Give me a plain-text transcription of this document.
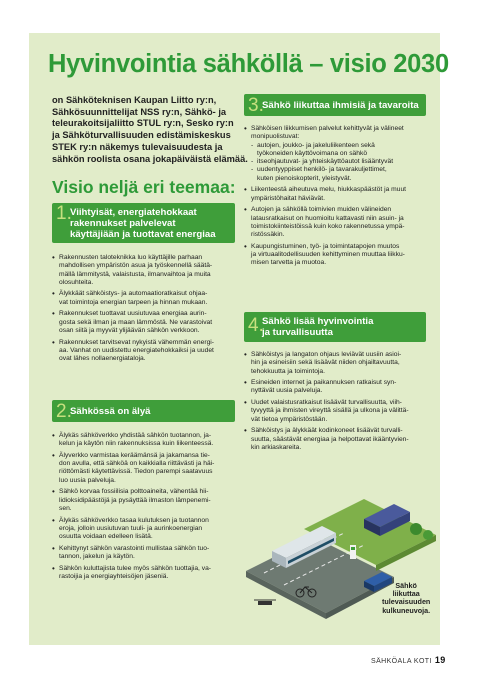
Hyvinvointia sähköllä – visio 2030
on Sähköteknisen Kaupan Liitto ry:n,
Sähkösuunnittelijat NSS ry:n, Sähkö- ja
teleurakoitsijaliitto STUL ry:n, Sesko ry:n
ja Sähköturvallisuuden edistämiskeskus
STEK ry:n näkemys tulevaisuudesta ja
sähkön roolista osana jokapäiväistä elämää.
Visio neljä eri teemaa:
1.
Viihtyisät, energiatehokkaat
rakennukset palvelevat
käyttäjiään ja tuottavat energiaa
• Rakennusten taloteknikka luo käyttäjille parhaan
mahdollisen ympäristön asua ja työskennellä säätä-
mällä lämmitystä, valaistusta, ilmanvaihtoa ja muita
olosuhteita.
• Älykkäät sähköistys- ja automaatioratkaisut ohjaa-
vat toimintoja energian tarpeen ja hinnan mukaan.
• Rakennukset tuottavat uusiutuvaa energiaa aurin-
gosta sekä ilman ja maan lämmöstä. Ne varastoivat
osan siitä ja myyvät ylijäävän sähkön verkkoon.
• Rakennukset tarvitsevat nykyistä vähemmän energi-
aa. Vanhat on uudistettu energiatehokkaiksi ja uudet
ovat lähes nollaenergiataloja.
2.
Sähkössä on älyä
• Älykäs sähköverkko yhdistää sähkön tuotannon, ja-
kelun ja käytön niin rakennuksissa kuin liikenteessä.
• Älyverkko varmistaa keräämänsä ja jakamansa tie-
don avulla, että sähköä on kaikkialla riittävästi ja häi-
riöttömästi käytettävissä. Tiedon parempi saatavuus
luo uusia palveluja.
• Sähkö korvaa fossiilisia polttoaineita, vähentää hii-
lidioksidipäästöjä ja pysäyttää ilmaston lämpenemi-
sen.
• Älykäs sähköverkko tasaa kulutuksen ja tuotannon
eroja, jolloin uusiutuvan tuuli- ja aurinkoenergian
osuutta voidaan edelleen lisätä.
• Kehittynyt sähkön varastointi mullistaa sähkön tuo-
tannon, jakelun ja käytön.
• Sähkön kuluttajista tulee myös sähkön tuottajia, va-
rastoijia ja energiayhteisöjen jäseniä.
3.
Sähkö liikuttaa ihmisiä ja tavaroita
• Sähköisen liikkumisen palvelut kehittyvät ja välineet
monipuolistuvat:
- autojen, joukko- ja jakeluliikenteen sekä
työkoneiden käyttövoimana on sähkö
- itseohjautuvat- ja yhteiskäyttöautot lisääntyvät
- uudentyyppiset henkilö- ja tavarakuljettimet,
kuten pienoiskopterit, yleistyvät.
• Liikenteestä aiheutuva melu, hiukkaspäästöt ja muut
ympäristöhaitat häviävät.
• Autojen ja sähköllä toimivien muiden välineiden
latausratkaisut on huomioitu kattavasti niin asuin- ja
toimistokiinteistöissä kuin koko rakennetussa ympä-
ristössäkin.
• Kaupungistuminen, työ- ja toimintatapojen muutos
ja virtuaalitodellisuuden kehittyminen muuttaa liikku-
misen tarvetta ja muotoa.
4.
Sähkö lisää hyvinvointia
ja turvallisuutta
• Sähköistys ja langaton ohjaus leviävät uusiin asioi-
hin ja esineisiin sekä lisäävät niiden ohjailtavuutta,
tehokkuutta ja toimintoja.
• Esineiden internet ja paikannuksen ratkaisut syn-
nyttävät uusia palveluja.
• Uudet valaistusratkaisut lisäävät turvallisuutta, viih-
tyvyyttä ja ihmisten vireyttä sisällä ja ulkona ja välittä-
vät tietoa ympäristöstään.
• Sähköistys ja älykkäät kodinkoneet lisäävät turvalli-
suutta, säästävät energiaa ja helpottavat ikääntyvien-
kin arkiaskareita.
Sähkö
liikuttaa
tulevaisuuden
kulkuneuvoja.
SÄHKÖALA KOTI 19
